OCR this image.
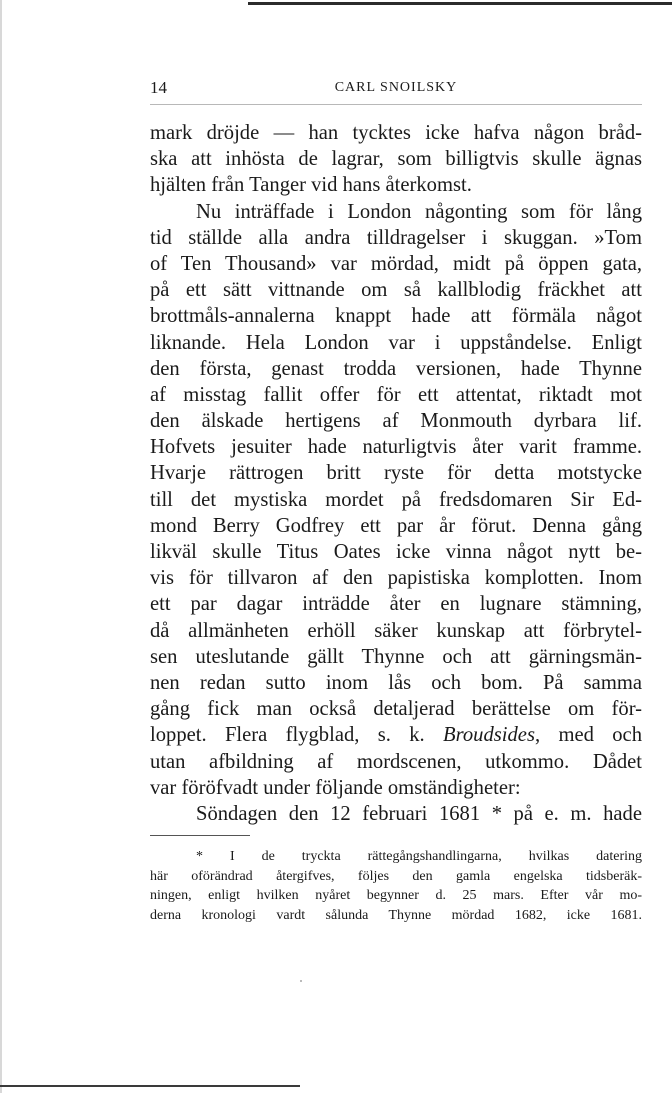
14	CARL SNOILSKY
mark dröjde — han tycktes icke hafva någon bråd-
ska att inhösta de lagrar, som billigtvis skulle ägnas
hjälten från Tanger vid hans återkomst.
Nu inträffade i London någonting som för lång
tid ställde alla andra tilldragelser i skuggan. »Tom
of Ten Thousand» var mördad, midt på öppen gata,
på ett sätt vittnande om så kallblodig fräckhet att
brottmåls-annalerna knappt hade att förmäla något
liknande. Hela London var i uppståndelse. Enligt
den första, genast trodda versionen, hade Thynne
af misstag fallit offer för ett attentat, riktadt mot
den älskade hertigens af Monmouth dyrbara lif.
Hofvets jesuiter hade naturligtvis åter varit framme.
Hvarje rättrogen britt ryste för detta motstycke
till det mystiska mordet på fredsdomaren Sir Ed-
mond Berry Godfrey ett par år förut. Denna gång
likväl skulle Titus Oates icke vinna något nytt be-
vis för tillvaron af den papistiska komplotten. Inom
ett par dagar inträdde åter en lugnare stämning,
då allmänheten erhöll säker kunskap att förbrytel-
sen uteslutande gällt Thynne och att gärningsmän-
nen redan sutto inom lås och bom. På samma
gång fick man också detaljerad berättelse om för-
loppet. Flera flygblad, s. k. Broudsides, med och
utan afbildning af mordscenen, utkommo. Dådet
var föröfvadt under följande omständigheter:
Söndagen den 12 februari 1681 * på e. m. hade
* I de tryckta rättegångshandlingarna, hvilkas datering
här oförändrad återgifves, följes den gamla engelska tidsberäk-
ningen, enligt hvilken nyåret begynner d. 25 mars. Efter vår mo-
derna kronologi vardt sålunda Thynne mördad 1682, icke 1681.
